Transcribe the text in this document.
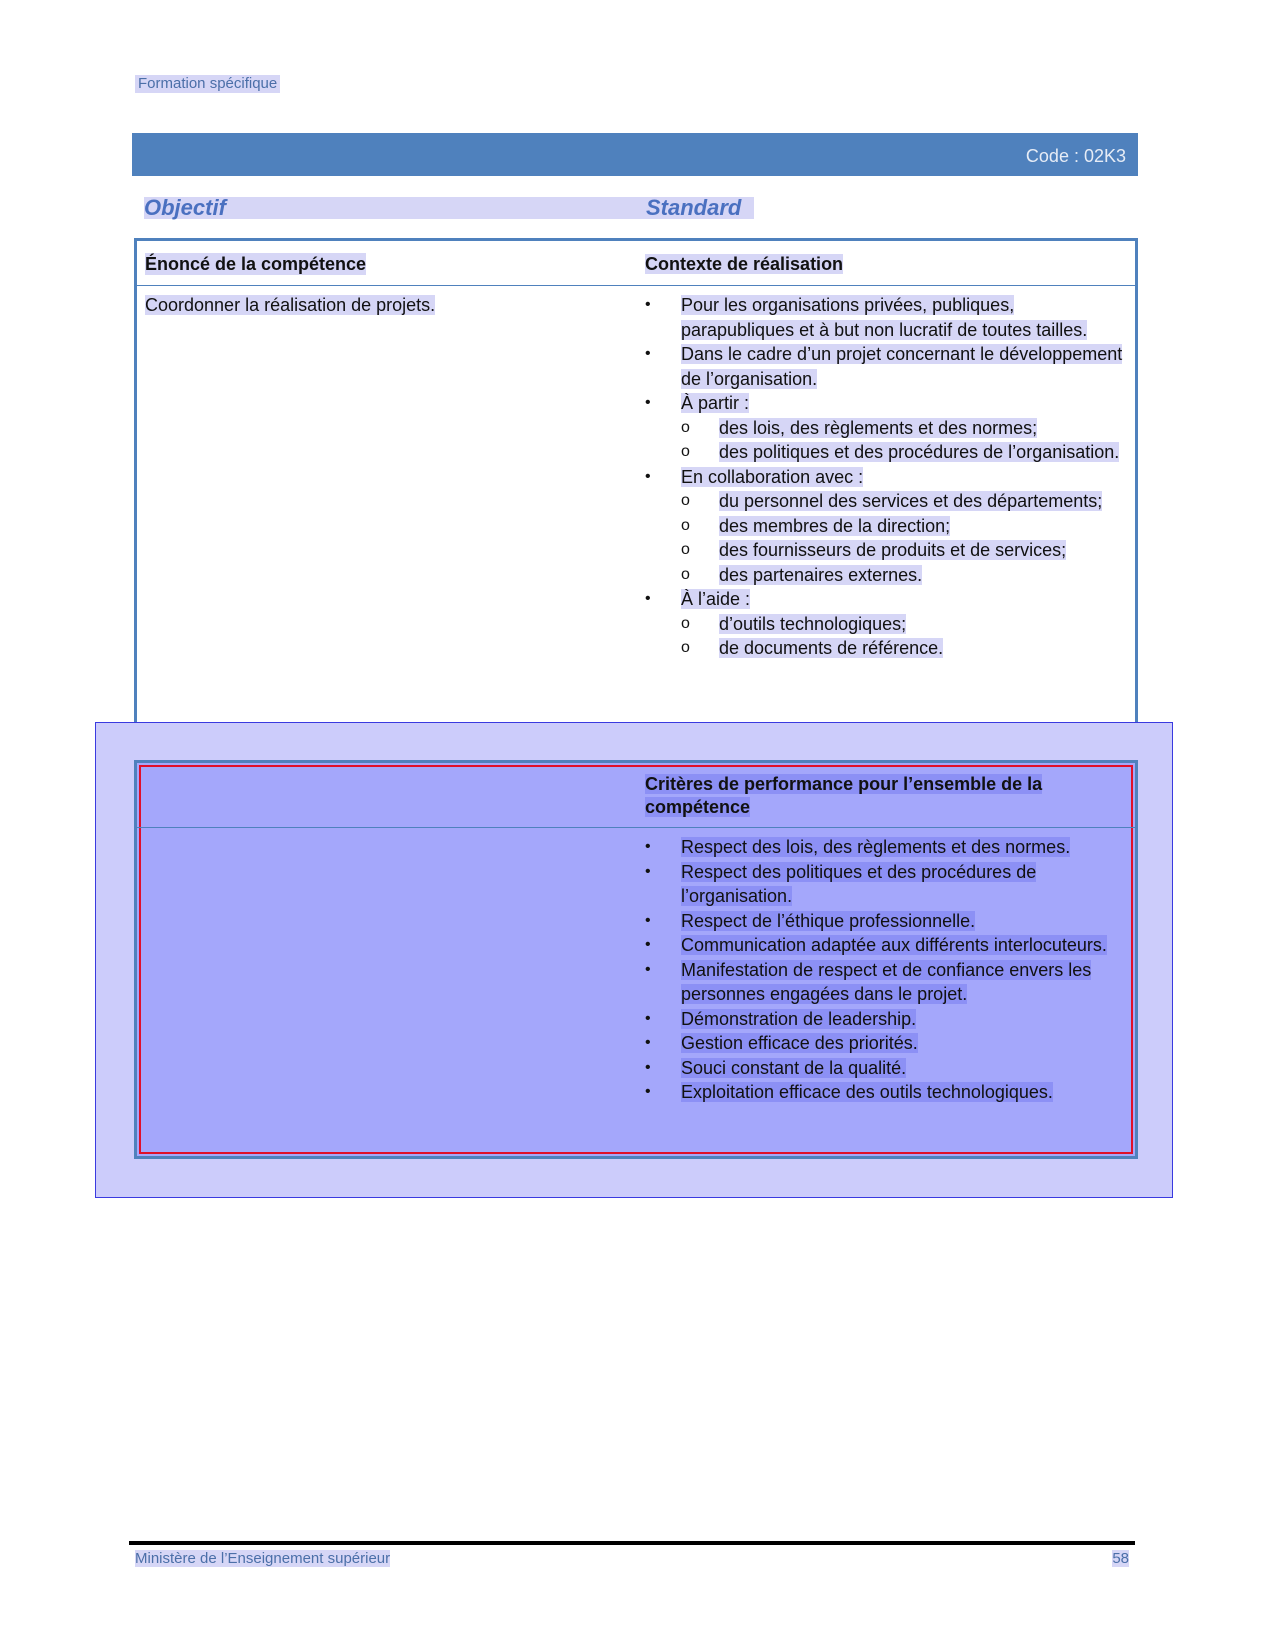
Formation spécifique
Code : 02K3
Objectif	Standard
Énoncé de la compétence	Contexte de réalisation
Coordonner la réalisation de projets.
•	Pour les organisations privées, publiques, parapubliques et à but non lucratif de toutes tailles.
• Dans le cadre d’un projet concernant le développement de l’organisation.
• À partir :
o des lois, des règlements et des normes;
o des politiques et des procédures de l’organisation.
• En collaboration avec :
o du personnel des services et des départements;
o des membres de la direction;
o des fournisseurs de produits et de services;
o des partenaires externes.
• À l’aide :
o d’outils technologiques;
o de documents de référence.
Critères de performance pour l’ensemble de la compétence
• Respect des lois, des règlements et des normes.
• Respect des politiques et des procédures de l’organisation.
• Respect de l’éthique professionnelle.
• Communication adaptée aux différents interlocuteurs.
• Manifestation de respect et de confiance envers les personnes engagées dans le projet.
• Démonstration de leadership.
• Gestion efficace des priorités.
• Souci constant de la qualité.
• Exploitation efficace des outils technologiques.
Ministère de l’Enseignement supérieur	58
